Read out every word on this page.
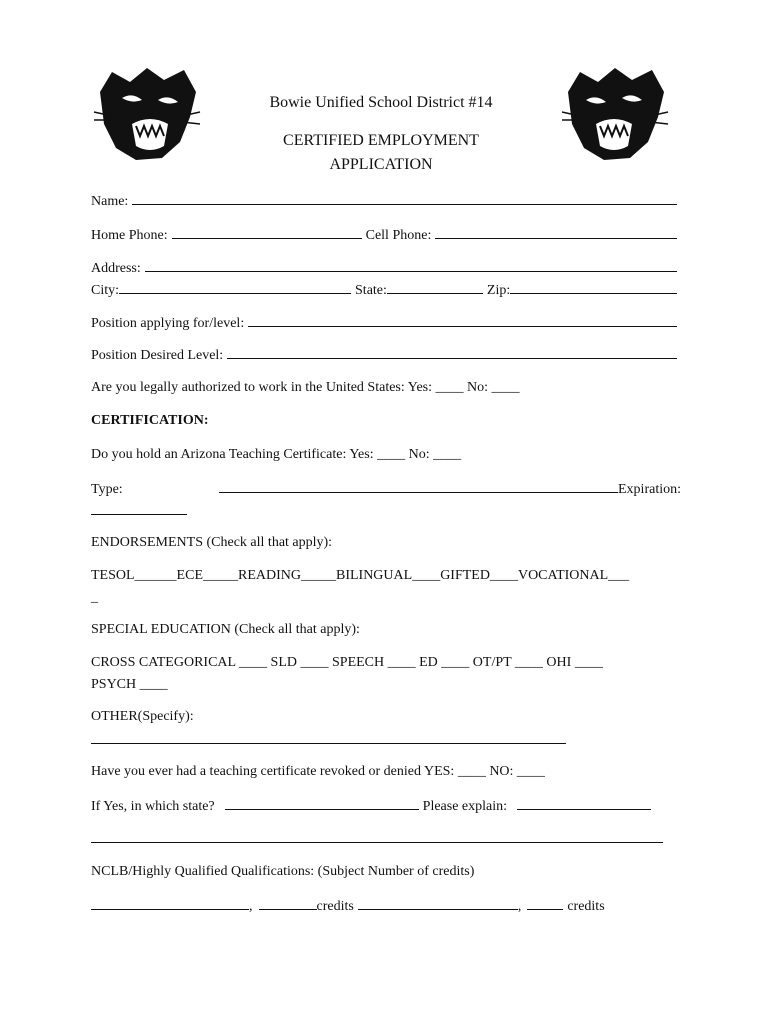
Bowie Unified School District #14
CERTIFIED EMPLOYMENT
APPLICATION
Name:
Home Phone:	Cell Phone:
Address:
City:	State:	Zip:
Position applying for/level:
Position Desired Level:
Are you legally authorized to work in the United States: Yes: ____ No: ____
CERTIFICATION:
Do you hold an Arizona Teaching Certificate: Yes: ____ No: ____
Type:	Expiration:
ENDORSEMENTS (Check all that apply):
TESOL______ECE_____READING_____BILINGUAL____GIFTED____VOCATIONAL___
_
SPECIAL EDUCATION (Check all that apply):
CROSS CATEGORICAL ____ SLD ____ SPEECH ____ ED ____ OT/PT ____ OHI ____
PSYCH ____
OTHER(Specify):
Have you ever had a teaching certificate revoked or denied YES: ____ NO: ____
If Yes, in which state?	Please explain:
NCLB/Highly Qualified Qualifications: (Subject Number of credits)
,	credits	,	credits
